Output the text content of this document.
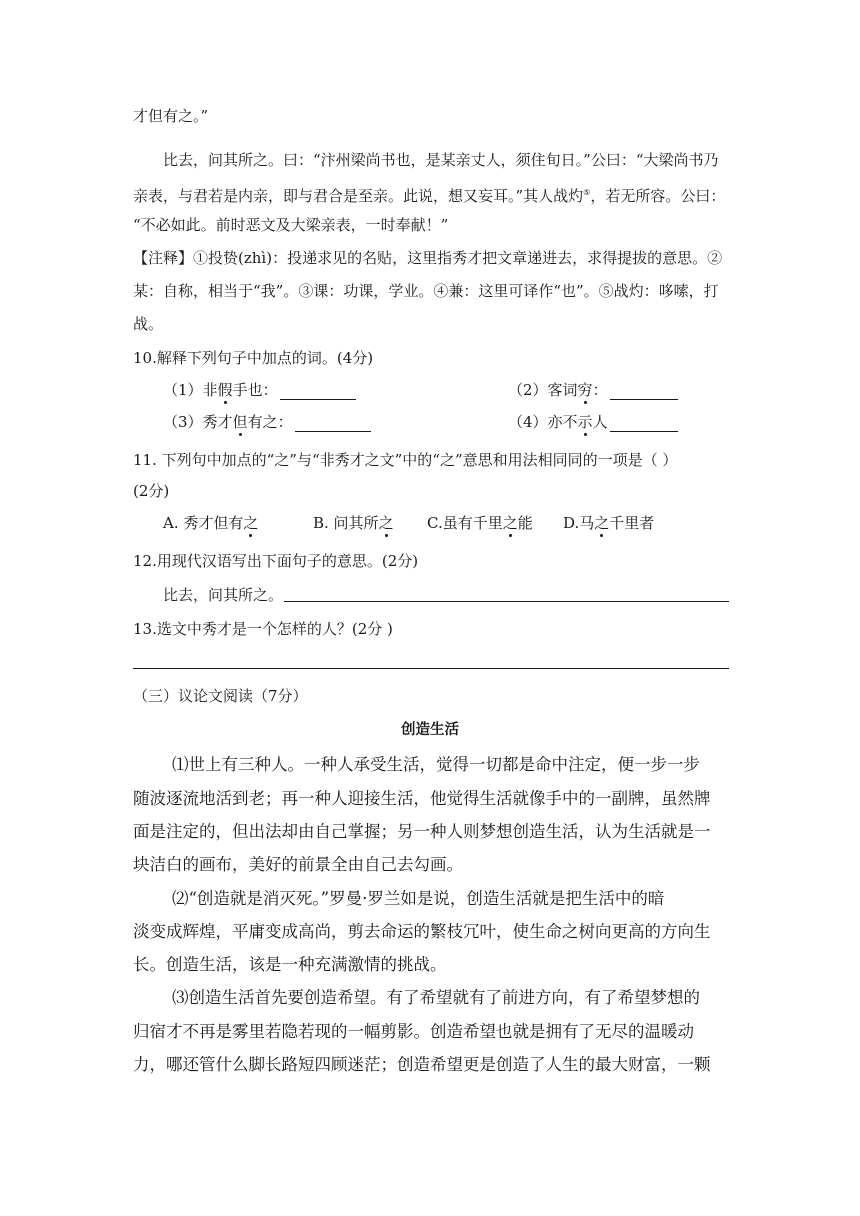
才但有之。”
比去，问其所之。曰：“汴州梁尚书也，是某亲丈人，须住旬日。”公曰：“大梁尚书乃
亲表，与君若是内亲，即与君合是至亲。此说，想又妄耳。”其人战灼⑤，若无所容。公曰：
“不必如此。前时恶文及大梁亲表，一时奉献！”
【注释】①投贽(zhì)：投递求见的名贴，这里指秀才把文章递进去，求得提拔的意思。②
某：自称，相当于“我”。③课：功课，学业。④兼：这里可译作“也”。⑤战灼：哆嗦，打
战。
10.解释下列句子中加点的词。(4分)
（1）非假手也：	（2）客词穷：
（3）秀才但有之：	（4）亦不示人
11. 下列句中加点的“之”与“非秀才之文”中的“之”意思和用法相同同的一项是（ ）
(2分)
A. 秀才但有之	B. 问其所之 C.虽有千里之能 D.马之千里者
12.用现代汉语写出下面句子的意思。(2分)
比去，问其所之。
13.选文中秀才是一个怎样的人？(2分 )
（三）议论文阅读（7分）
创造生活
⑴世上有三种人。一种人承受生活，觉得一切都是命中注定，便一步一步
随波逐流地活到老；再一种人迎接生活，他觉得生活就像手中的一副牌，虽然牌
面是注定的，但出法却由自己掌握；另一种人则梦想创造生活，认为生活就是一
块洁白的画布，美好的前景全由自己去勾画。
⑵“创造就是消灭死。”罗曼·罗兰如是说，创造生活就是把生活中的暗
淡变成辉煌，平庸变成高尚，剪去命运的繁枝冗叶，使生命之树向更高的方向生
长。创造生活，该是一种充满激情的挑战。
⑶创造生活首先要创造希望。有了希望就有了前进方向，有了希望梦想的
归宿才不再是雾里若隐若现的一幅剪影。创造希望也就是拥有了无尽的温暖动
力，哪还管什么脚长路短四顾迷茫；创造希望更是创造了人生的最大财富，一颗
